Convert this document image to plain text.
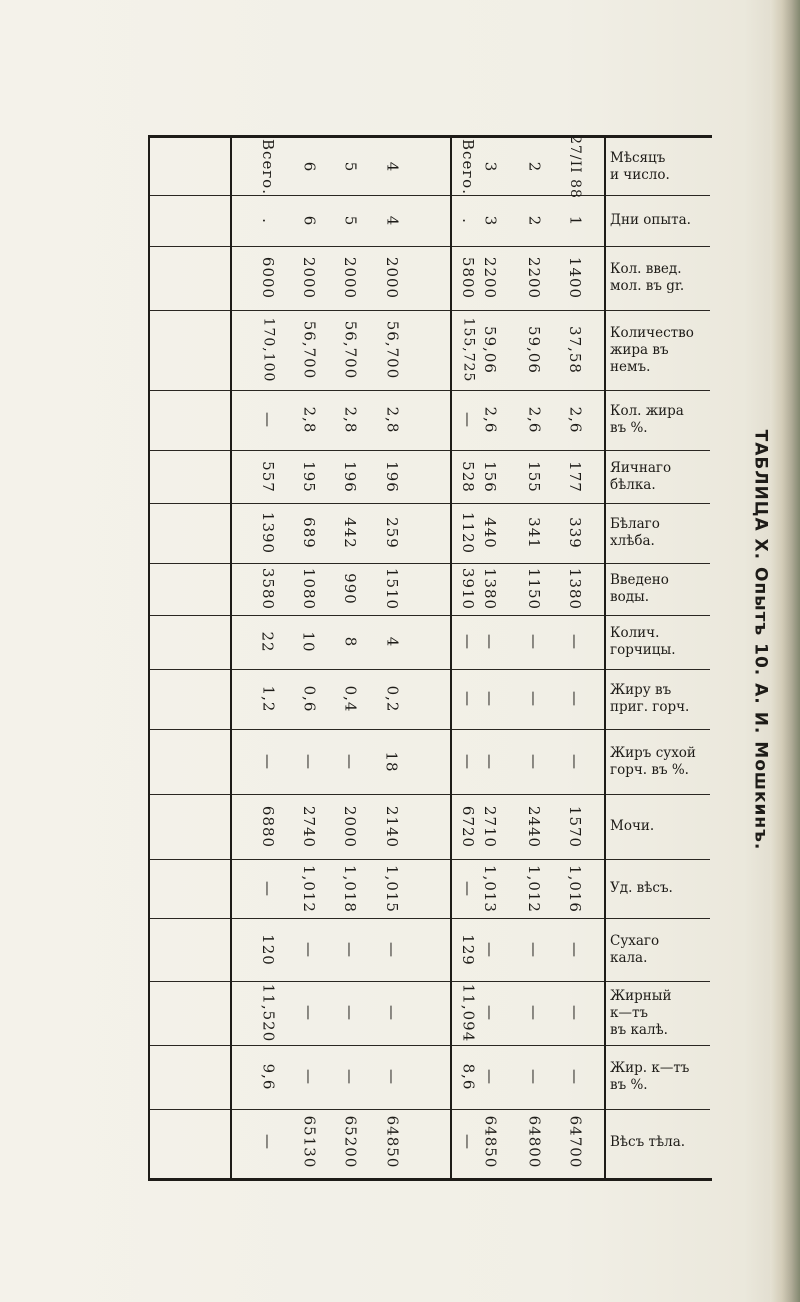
Мѣсяцъ
и число.
Дни опыта.
Кол. введ.
мол. въ gr.
Количество
жира въ
немъ.
Кол. жира
въ %.
Яичнаго
бѣлка.
Бѣлаго
хлѣба.
Введено
воды.
Колич.
горчицы.
Жиру въ
приг. горч.
Жиръ сухой
горч. въ %.
Мочи.
Уд. вѣсъ.
Сухаго
кала.
Жирный
к—тъ
въ калѣ.
Жир. к—тъ
въ %.
Вѣсъ тѣла.
27/II 88
1
1400
37,58
2,6
177
339
1380
—
—
—
1570
1,016
—
—
—
64700
2
2
2200
59,06
2,6
155
341
1150
—
—
—
2440
1,012
—
—
—
64800
3
3
2200
59,06
2,6
156
440
1380
—
—
—
2710
1,013
—
—
—
64850
Всего.
.
5800
155,725
—
528
1120
3910
—
—
—
6720
—
129
11,094
8,6
—
4
4
2000
56,700
2,8
196
259
1510
4
0,2
18
2140
1,015
—
—
—
64850
5
5
2000
56,700
2,8
196
442
990
8
0,4
—
2000
1,018
—
—
—
65200
6
6
2000
56,700
2,8
195
689
1080
10
0,6
—
2740
1,012
—
—
—
65130
Всего.
.
6000
170,100
—
557
1390
3580
22
1,2
—
6880
—
120
11,520
9,6
—
ТАБЛИЦА X. Опытъ 10. А. И. Мошкинъ.
